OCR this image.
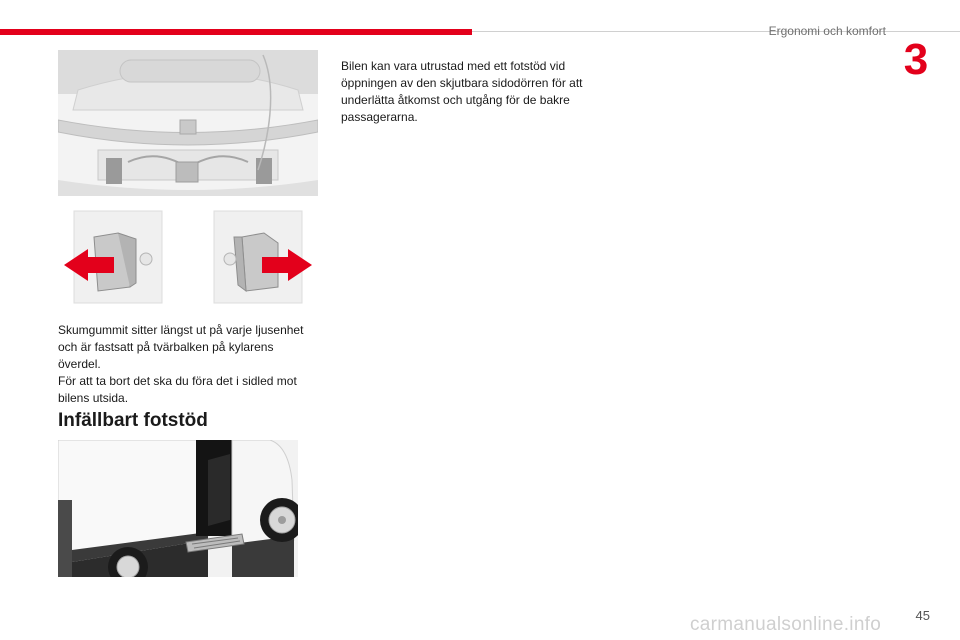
Ergonomi och komfort
3

Skumgummit sitter längst ut på varje ljusenhet och är fastsatt på tvärbalken på kylarens överdel.

För att ta bort det ska du föra det i sidled mot bilens utsida.

Infällbart fotstöd

Bilen kan vara utrustad med ett fotstöd vid öppningen av den skjutbara sidodörren för att underlätta åtkomst och utgång för de bakre passagerarna.

carmanualsonline.info	45
